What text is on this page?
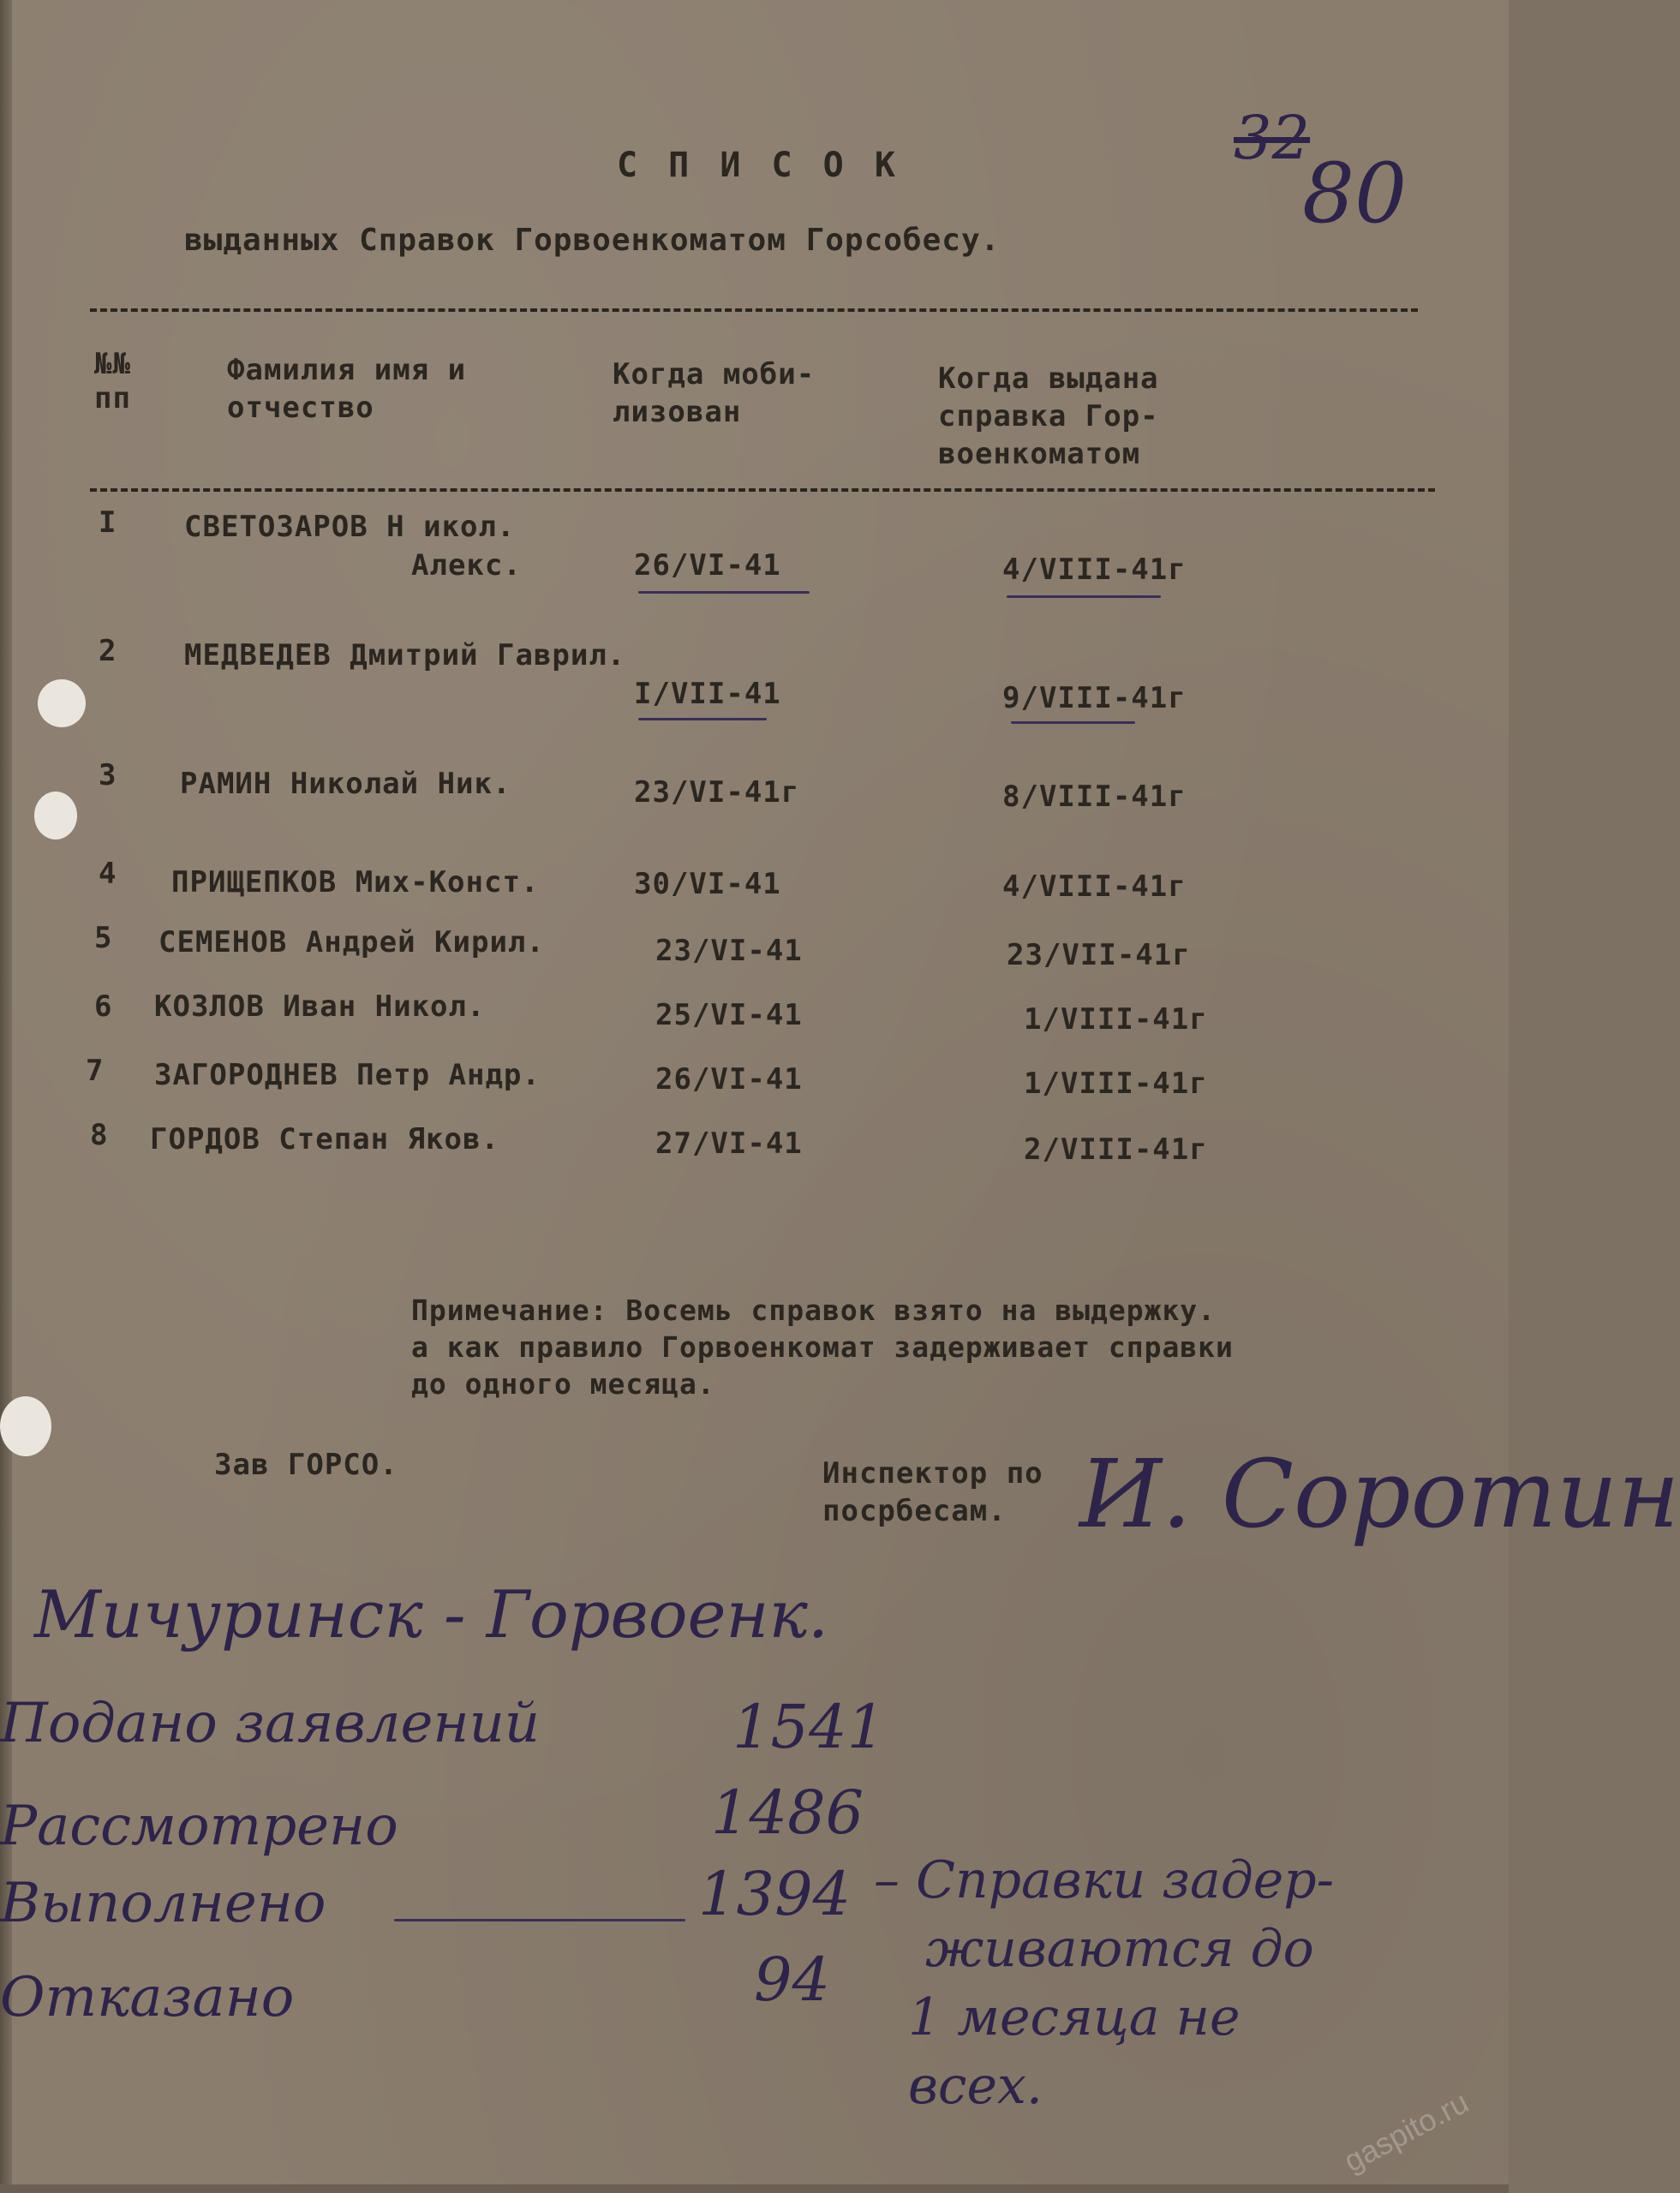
32
80
С П И С О К
выданных Справок Горвоенкоматом Горсобесу.
№№ пп
Фамилия имя и отчество
Когда моби-лизован
Когда выдана справка Гор-военкоматом
I СВЕТОЗАРОВ Н икол.
Алекс.	26/VI-41	4/VIII-41г
2 МЕДВЕДЕВ Дмитрий Гаврил.
I/VII-41	9/VIII-41г
3 РАМИН Николай Ник.	23/VI-41г	8/VIII-41г
4 ПРИЩЕПКОВ Мих-Конст.	30/VI-41	4/VIII-41г
5 СЕМЕНОВ Андрей Кирил.	23/VI-41	23/VII-41г
6 КОЗЛОВ Иван Никол.	25/VI-41	1/VIII-41г
7 ЗАГОРОДНЕВ Петр Андр.	26/VI-41	1/VIII-41г
8 ГОРДОВ Степан Яков.	27/VI-41	2/VIII-41г
Примечание: Восемь справок взято на выдержку.
а как правило Горвоенкомат задерживает справки
до одного месяца.
Зав ГОРСО.	Инспектор по
посрбесам. И. Соротин
Мичуринск - Горвоенк.
Подано заявлений	1541
Рассмотрено	1486
Выполнено	1394
Отказано	94
– Справки задер-
живаются до
1 месяца не
всех.	gaspito.ru
